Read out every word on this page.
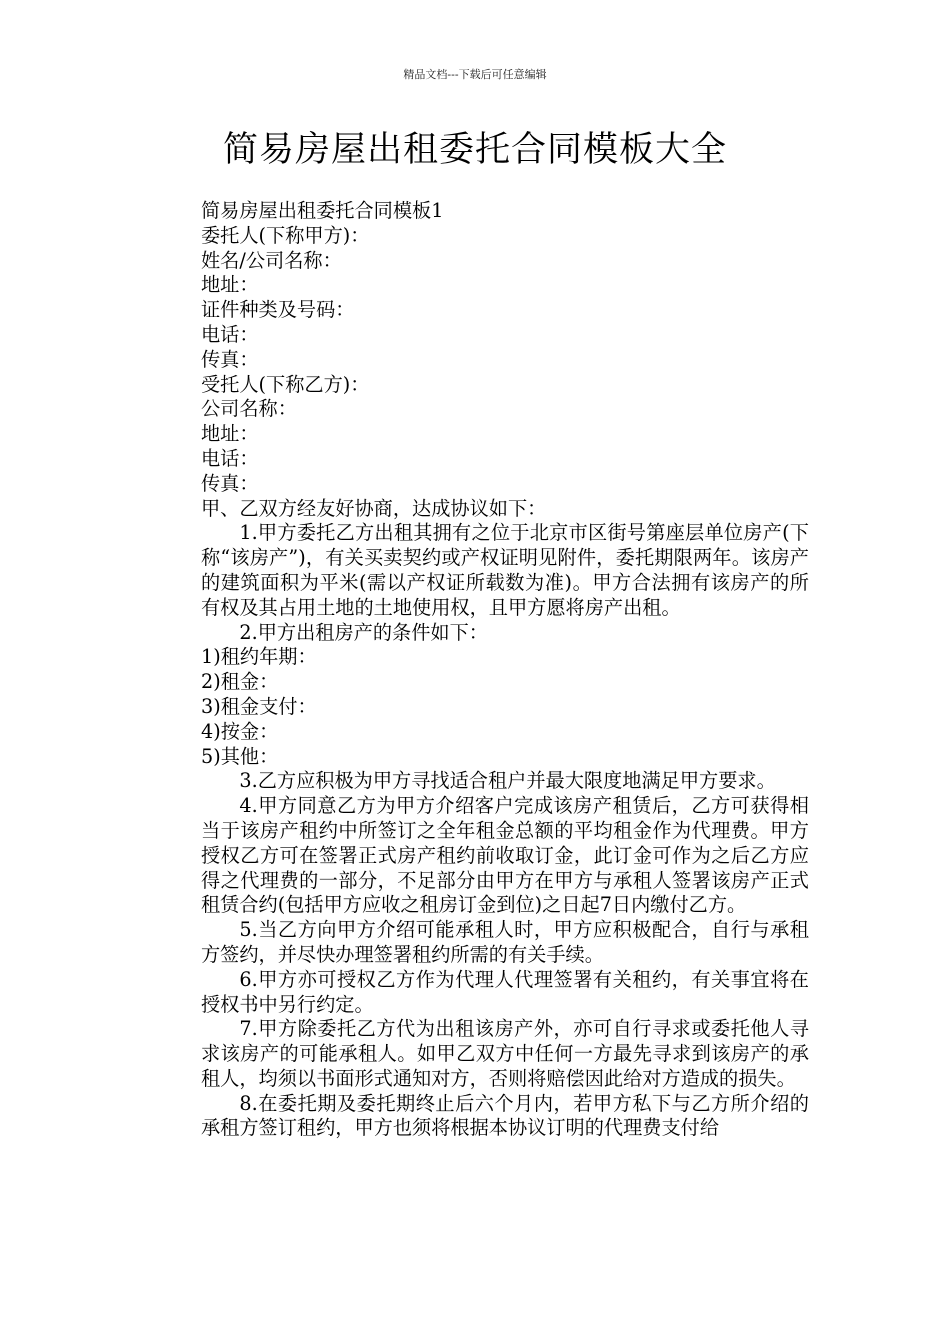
精品文档---下载后可任意编辑
简易房屋出租委托合同模板大全
简易房屋出租委托合同模板1
委托人(下称甲方)：
姓名/公司名称：
地址：
证件种类及号码：
电话：
传真：
受托人(下称乙方)：
公司名称：
地址：
电话：
传真：
甲、乙双方经友好协商，达成协议如下：
1.甲方委托乙方出租其拥有之位于北京市区街号第座层单位房产(下称“该房产”)，有关买卖契约或产权证明见附件，委托期限两年。该房产的建筑面积为平米(需以产权证所载数为准)。甲方合法拥有该房产的所有权及其占用土地的土地使用权，且甲方愿将房产出租。
2.甲方出租房产的条件如下：
1)租约年期：
2)租金：
3)租金支付：
4)按金：
5)其他：
3.乙方应积极为甲方寻找适合租户并最大限度地满足甲方要求。
4.甲方同意乙方为甲方介绍客户完成该房产租赁后，乙方可获得相当于该房产租约中所签订之全年租金总额的平均租金作为代理费。甲方授权乙方可在签署正式房产租约前收取订金，此订金可作为之后乙方应得之代理费的一部分，不足部分由甲方在甲方与承租人签署该房产正式租赁合约(包括甲方应收之租房订金到位)之日起7日内缴付乙方。
5.当乙方向甲方介绍可能承租人时，甲方应积极配合，自行与承租方签约，并尽快办理签署租约所需的有关手续。
6.甲方亦可授权乙方作为代理人代理签署有关租约，有关事宜将在授权书中另行约定。
7.甲方除委托乙方代为出租该房产外，亦可自行寻求或委托他人寻求该房产的可能承租人。如甲乙双方中任何一方最先寻求到该房产的承租人，均须以书面形式通知对方，否则将赔偿因此给对方造成的损失。
8.在委托期及委托期终止后六个月内，若甲方私下与乙方所介绍的承租方签订租约，甲方也须将根据本协议订明的代理费支付给
